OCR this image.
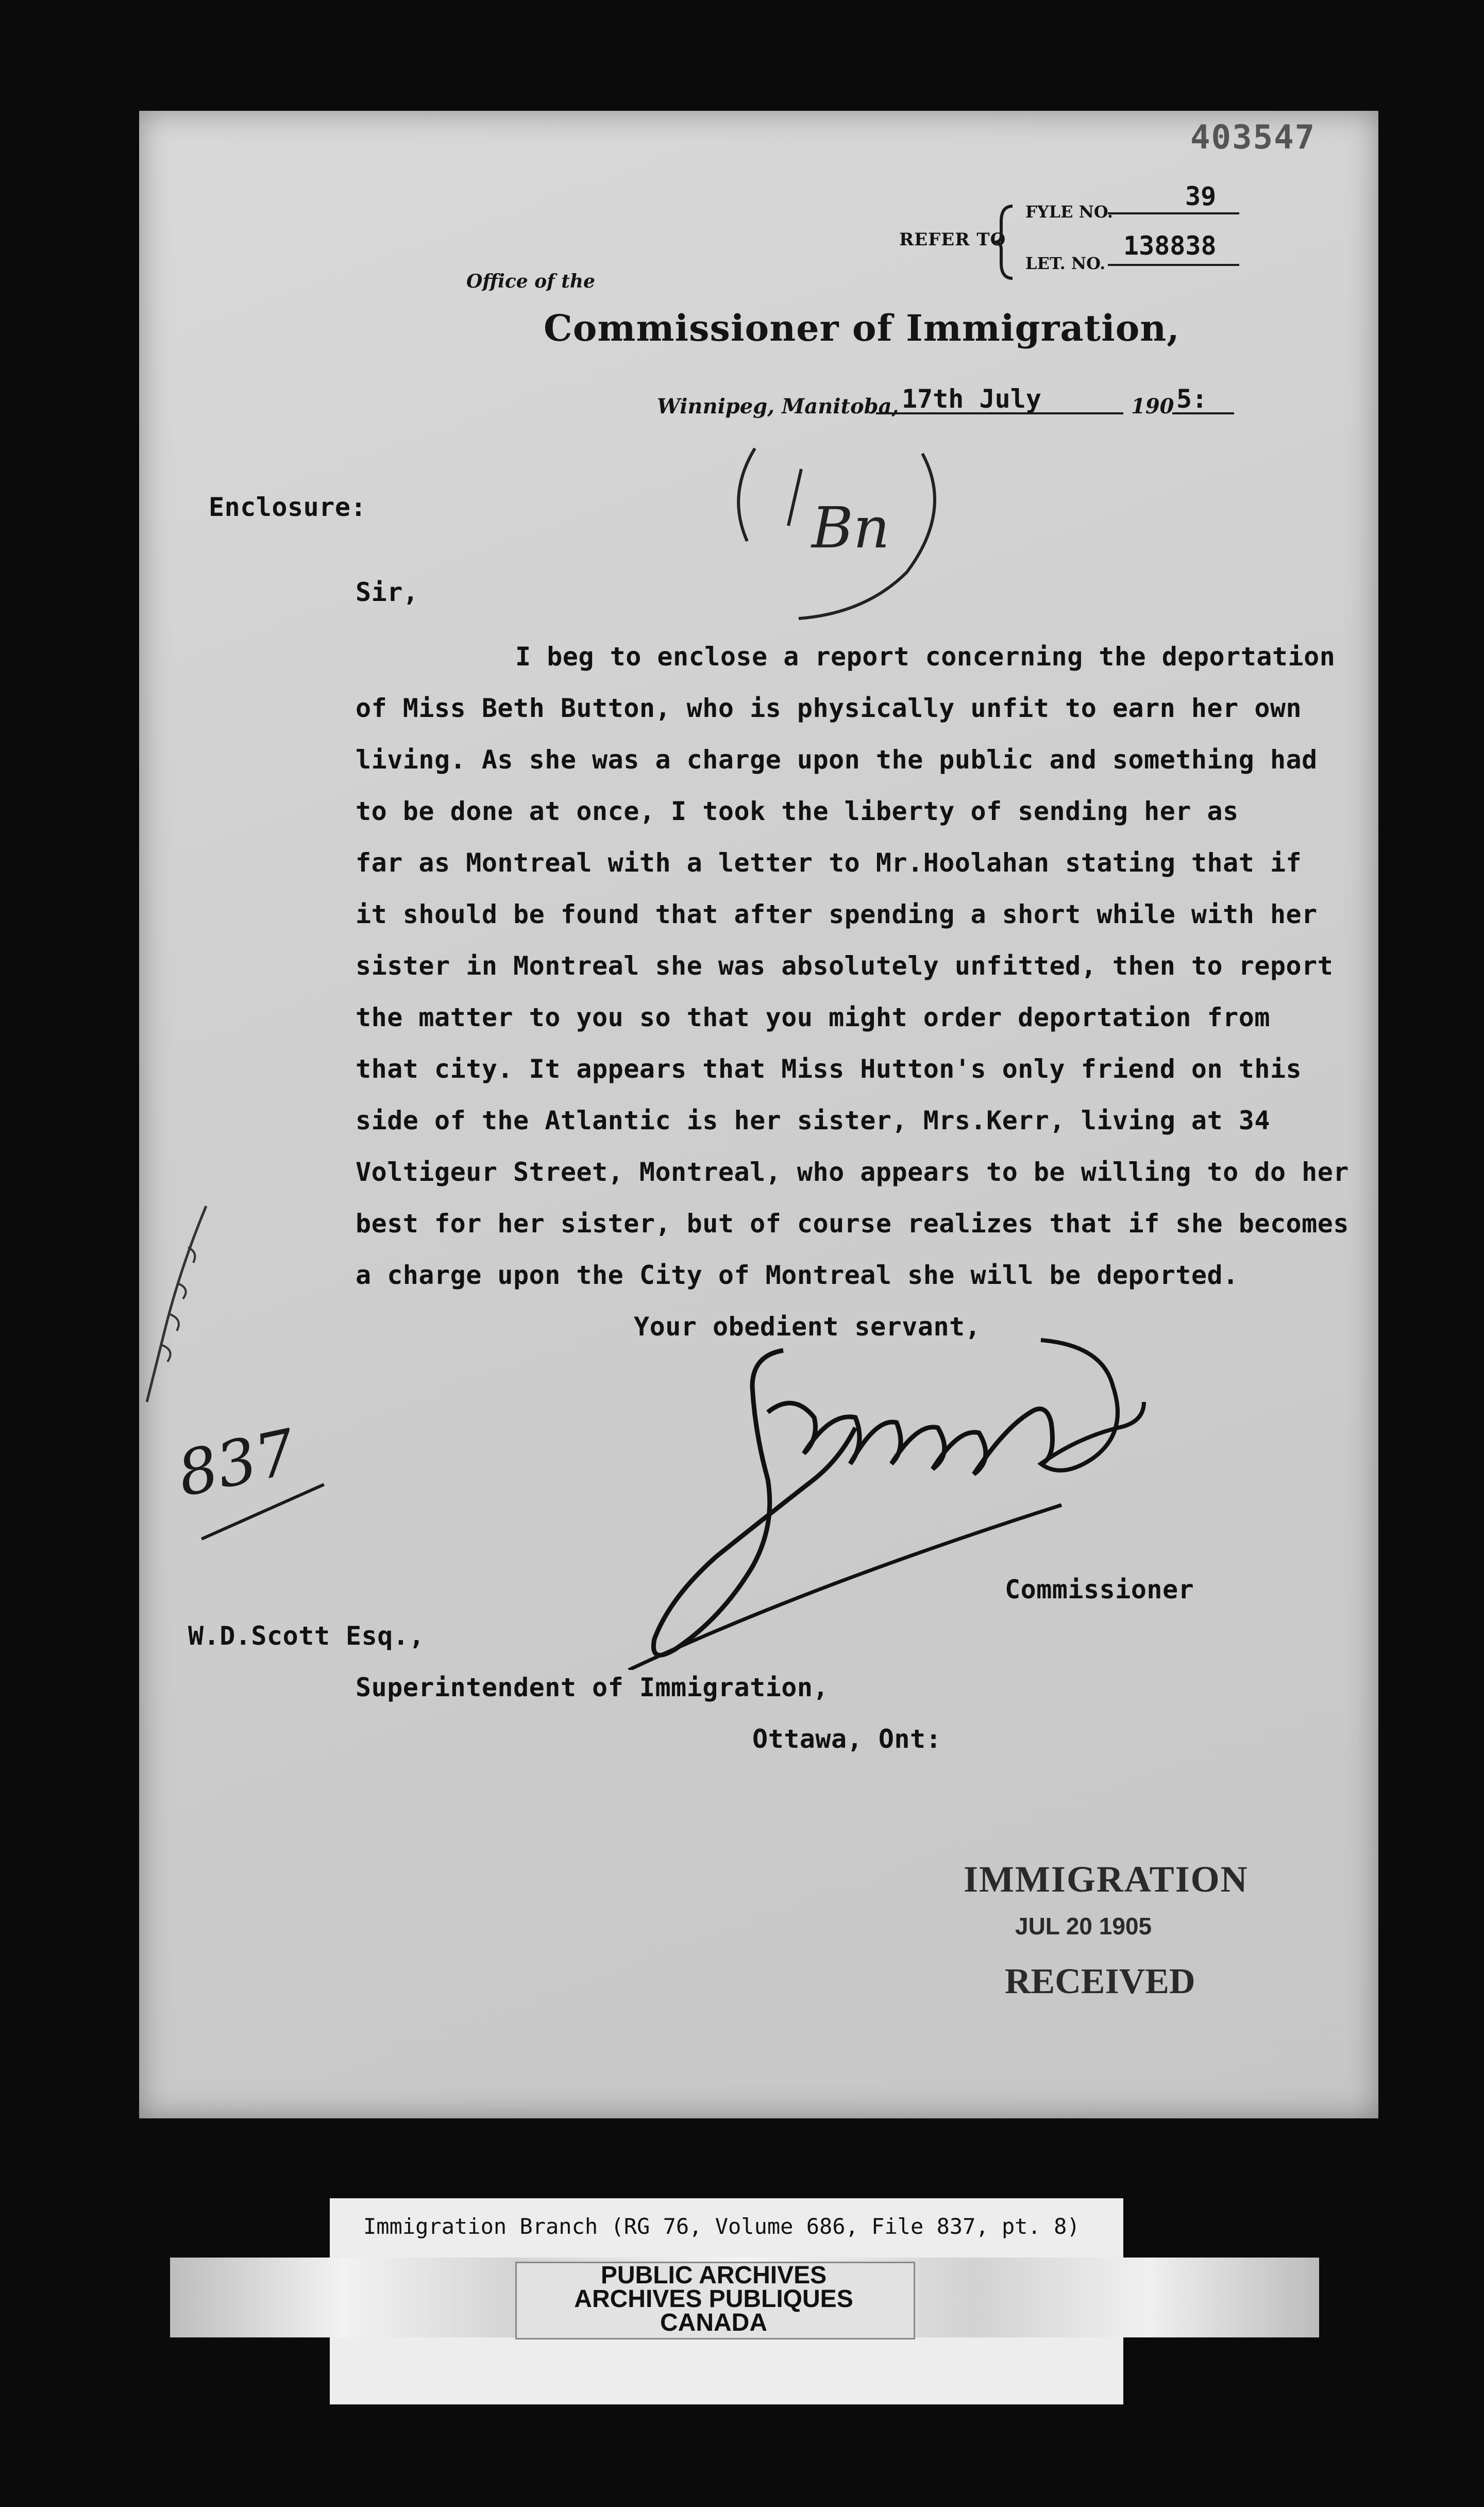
403547
REFER TO
FYLE NO.
39
LET. NO.
138838
Office of the
Commissioner of Immigration,
Winnipeg, Manitoba, 17th July	190 5:
Enclosure:	Bn
Sir,
I beg to enclose a report concerning the deportation
of Miss Beth Button, who is physically unfit to earn her own
living. As she was a charge upon the public and something had
to be done at once, I took the liberty of sending her as
far as Montreal with a letter to Mr.Hoolahan stating that if
it should be found that after spending a short while with her
sister in Montreal she was absolutely unfitted, then to report
the matter to you so that you might order deportation from
that city. It appears that Miss Hutton's only friend on this
side of the Atlantic is her sister, Mrs.Kerr, living at 34
Voltigeur Street, Montreal, who appears to be willing to do her
best for her sister, but of course realizes that if she becomes
a charge upon the City of Montreal she will be deported.
Your obedient servant,
Commissioner
837
W.D.Scott Esq.,
Superintendent of Immigration,
Ottawa, Ont:
IMMIGRATION
JUL 20 1905
RECEIVED
Immigration Branch (RG 76, Volume 686, File 837, pt. 8)
PUBLIC ARCHIVES
ARCHIVES PUBLIQUES
CANADA
